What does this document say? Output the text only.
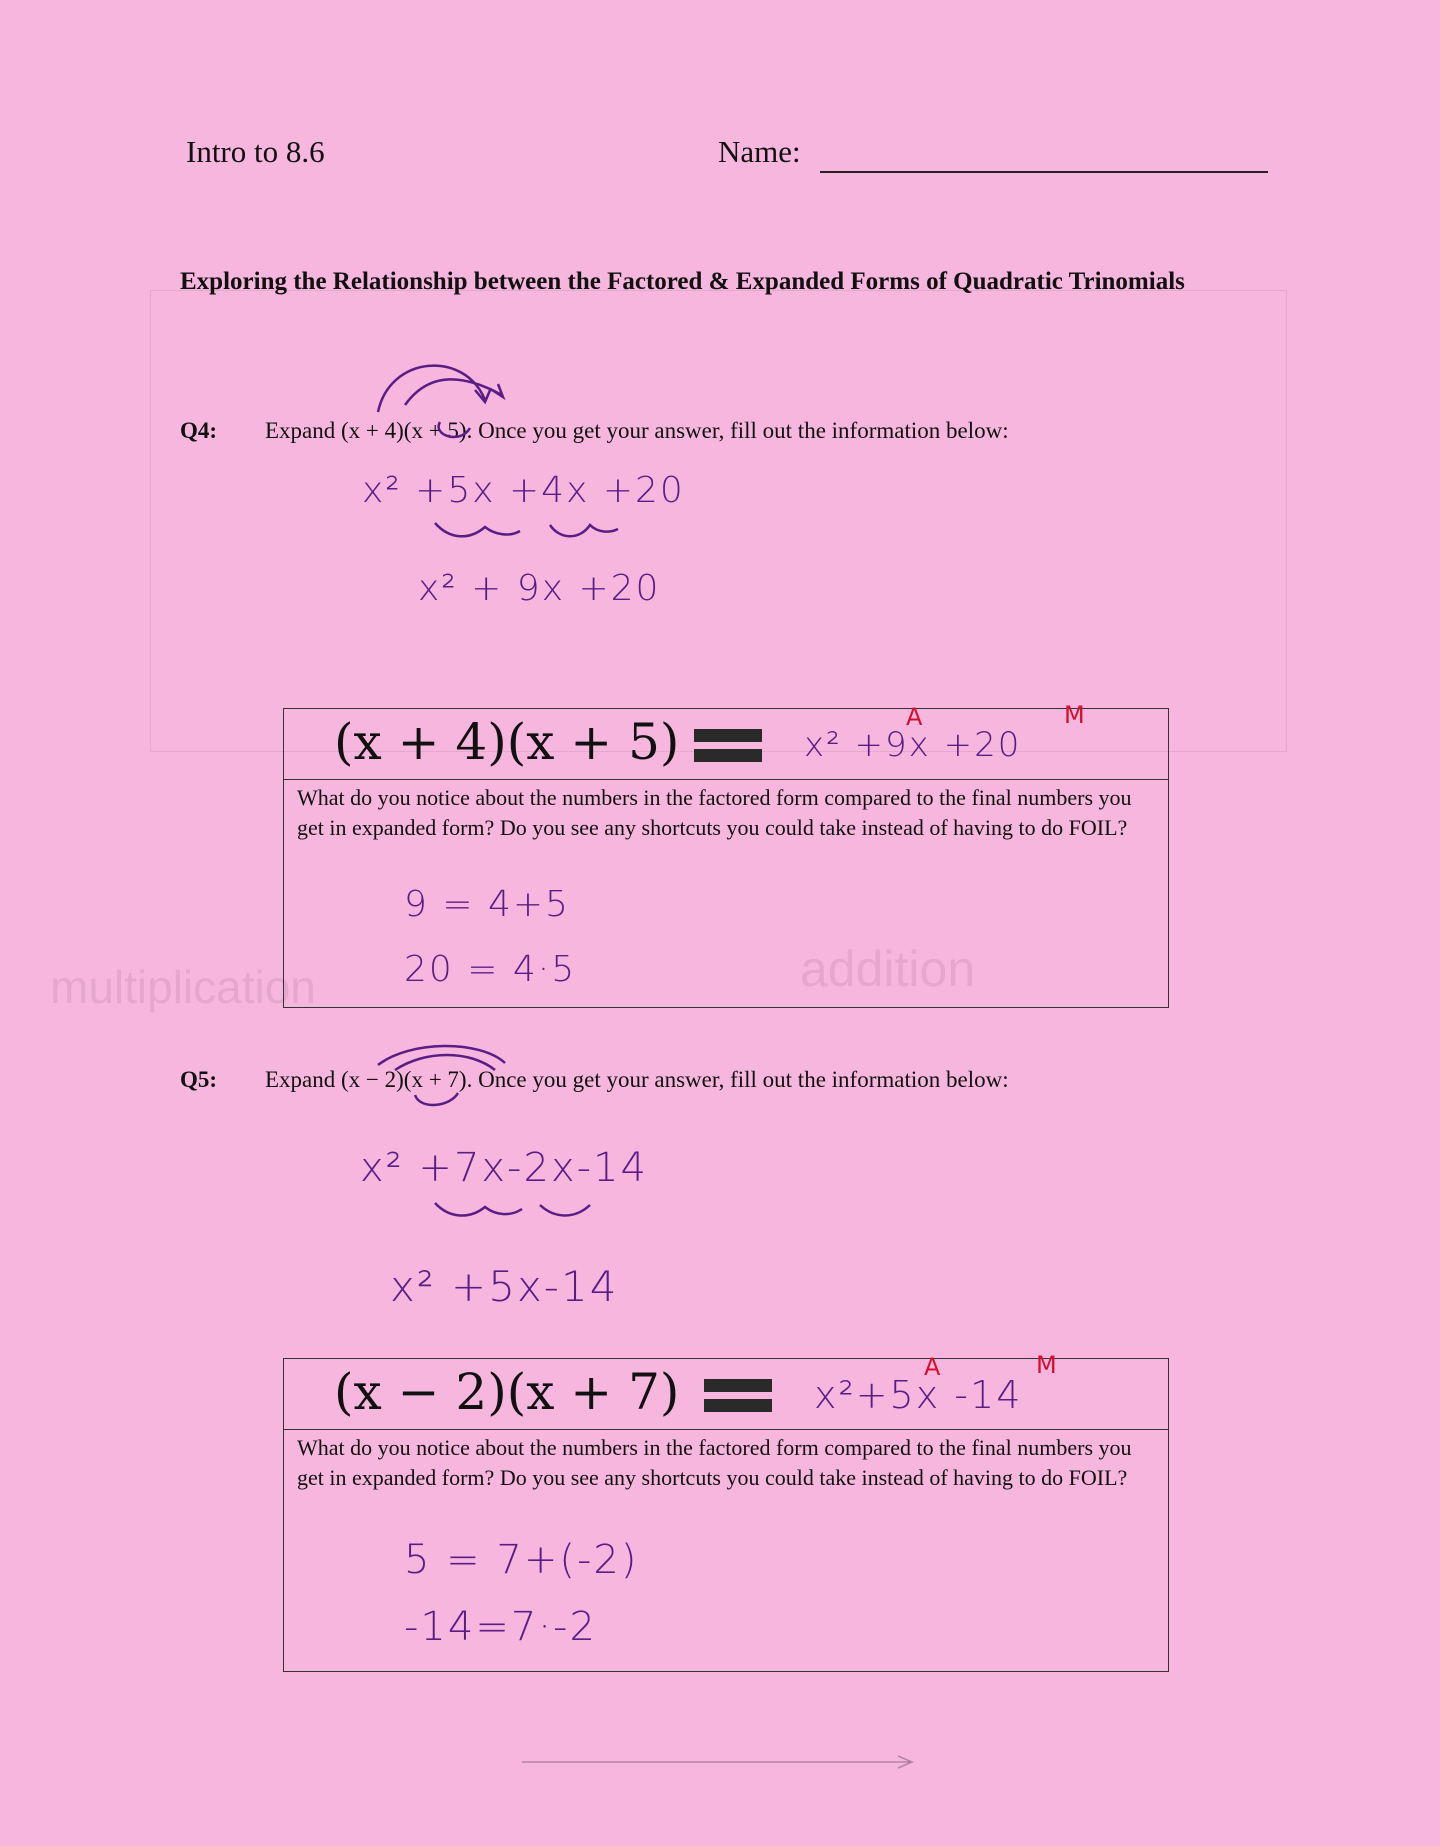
addition
multiplication
Intro to 8.6	Name:
Exploring the Relationship between the Factored & Expanded Forms of Quadratic Trinomials
Q4: Expand (x + 4)(x + 5). Once you get your answer, fill out the information below:
x² +5x +4x +20
x² + 9x +20
(x + 4)(x + 5)	x² +9x +20
A	M
What do you notice about the numbers in the factored form compared to the final numbers you get in expanded form? Do you see any shortcuts you could take instead of having to do FOIL?
9 = 4+5
20 = 4·5
Q5: Expand (x − 2)(x + 7). Once you get your answer, fill out the information below:
x² +7x-2x-14
x² +5x-14
(x − 2)(x + 7)	x²+5x -14
A	M
What do you notice about the numbers in the factored form compared to the final numbers you get in expanded form? Do you see any shortcuts you could take instead of having to do FOIL?
5 = 7+(-2)
-14=7·-2
